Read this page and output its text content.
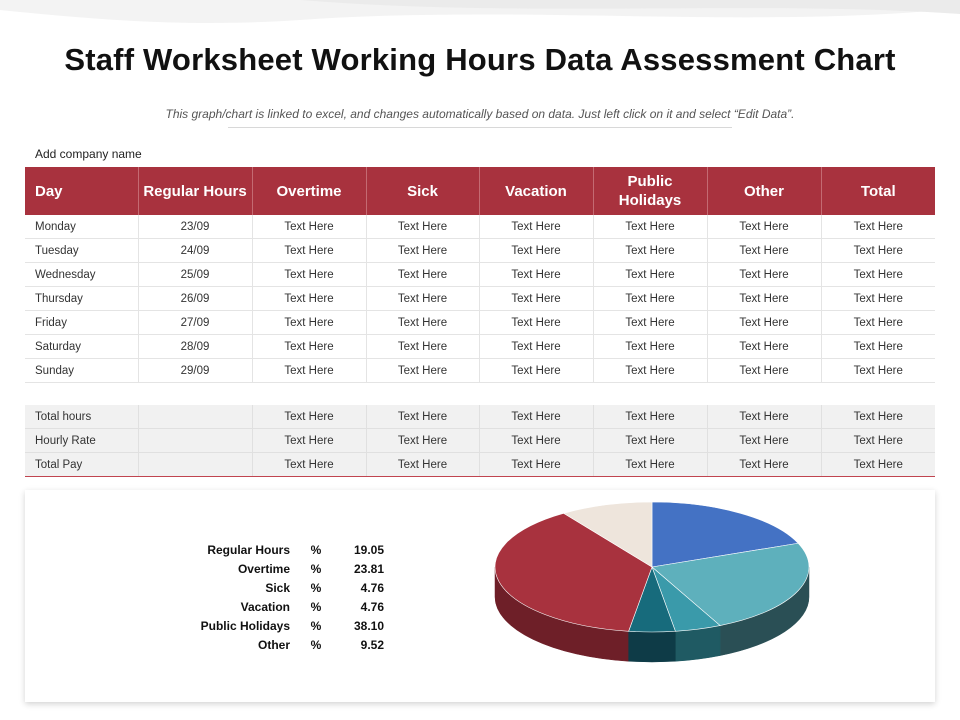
Staff Worksheet Working Hours Data Assessment Chart
This graph/chart is linked to excel, and changes automatically based on data. Just left click on it and select “Edit Data”.
Add company name
Day	Regular Hours	Overtime	Sick	Vacation	Public Holidays	Other	Total
Monday	23/09	Text Here	Text Here	Text Here	Text Here	Text Here	Text Here
Tuesday	24/09	Text Here	Text Here	Text Here	Text Here	Text Here	Text Here
Wednesday	25/09	Text Here	Text Here	Text Here	Text Here	Text Here	Text Here
Thursday	26/09	Text Here	Text Here	Text Here	Text Here	Text Here	Text Here
Friday	27/09	Text Here	Text Here	Text Here	Text Here	Text Here	Text Here
Saturday	28/09	Text Here	Text Here	Text Here	Text Here	Text Here	Text Here
Sunday	29/09	Text Here	Text Here	Text Here	Text Here	Text Here	Text Here

Total hours		Text Here	Text Here	Text Here	Text Here	Text Here	Text Here
Hourly Rate		Text Here	Text Here	Text Here	Text Here	Text Here	Text Here
Total Pay		Text Here	Text Here	Text Here	Text Here	Text Here	Text Here
Regular Hours	%	19.05
Overtime	%	23.81
Sick	%	4.76
Vacation	%	4.76
Public Holidays	%	38.10
Other	%	9.52
